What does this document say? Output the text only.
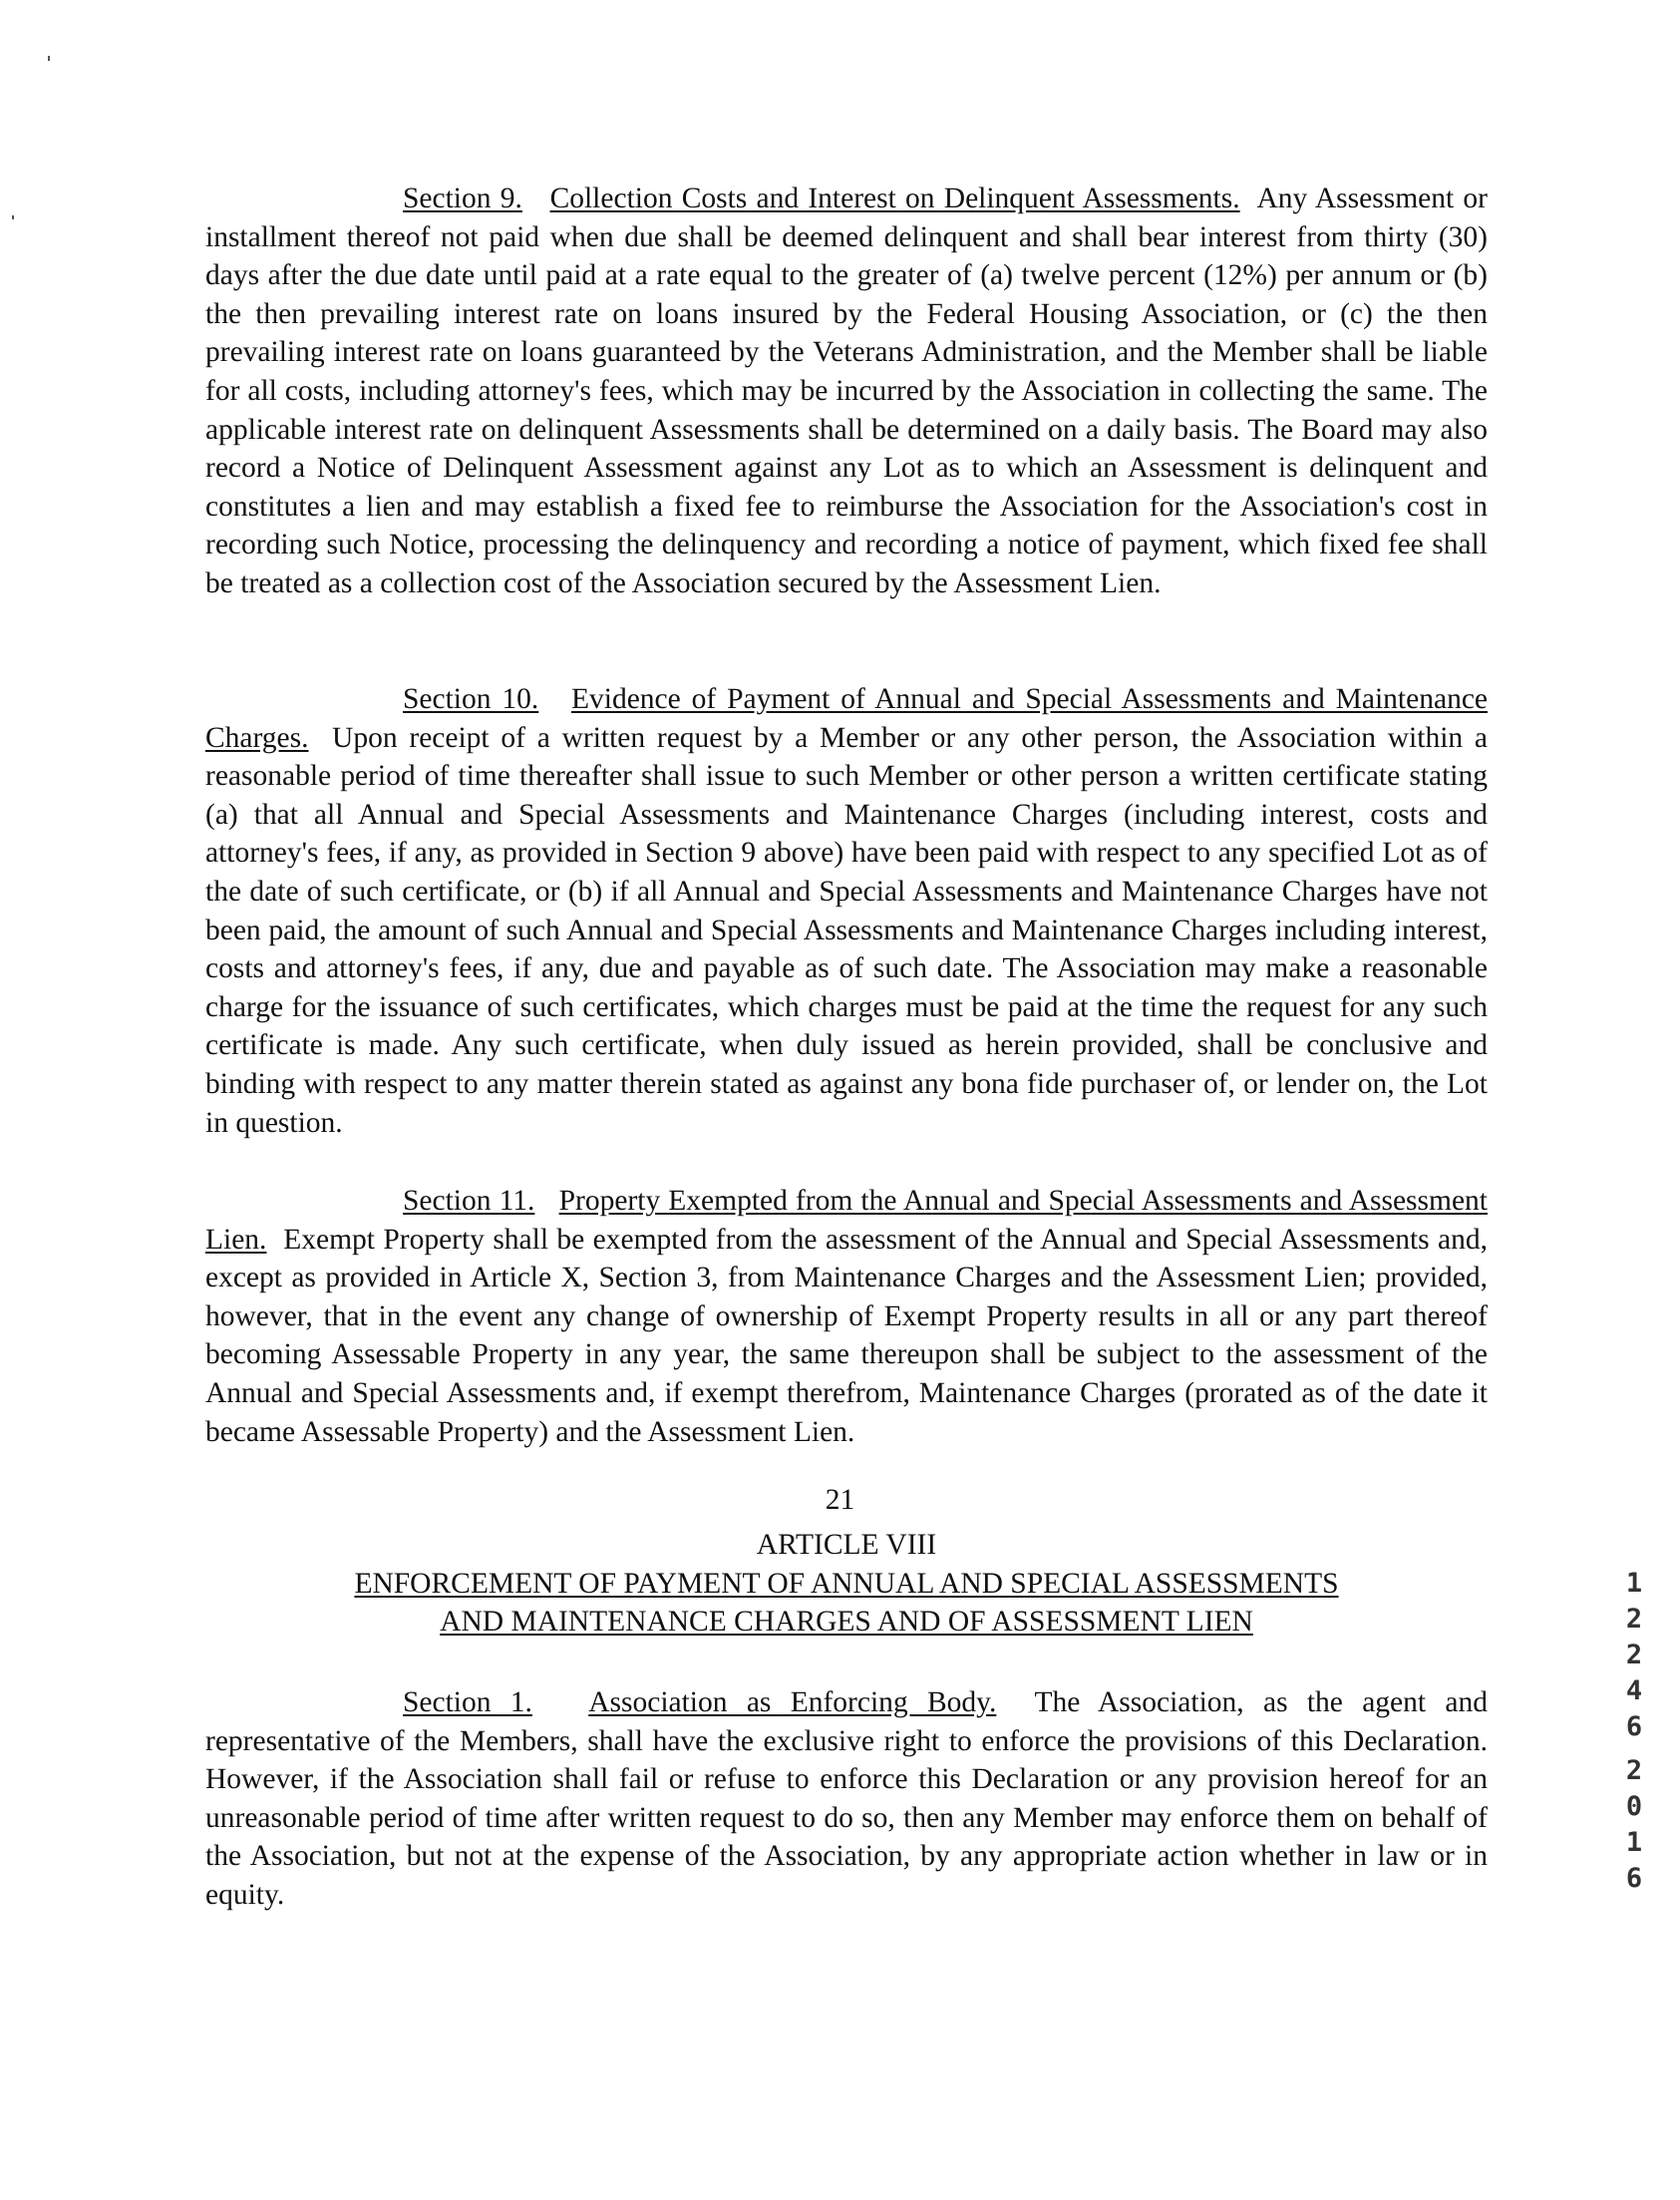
Section 9. Collection Costs and Interest on Delinquent Assessments. Any Assessment or installment thereof not paid when due shall be deemed delinquent and shall bear interest from thirty (30) days after the due date until paid at a rate equal to the greater of (a) twelve percent (12%) per annum or (b) the then prevailing interest rate on loans insured by the Federal Housing Association, or (c) the then prevailing interest rate on loans guaranteed by the Veterans Administration, and the Member shall be liable for all costs, including attorney's fees, which may be incurred by the Association in collecting the same. The applicable interest rate on delinquent Assessments shall be determined on a daily basis. The Board may also record a Notice of Delinquent Assessment against any Lot as to which an Assessment is delinquent and constitutes a lien and may establish a fixed fee to reimburse the Association for the Association's cost in recording such Notice, processing the delinquency and recording a notice of payment, which fixed fee shall be treated as a collection cost of the Association secured by the Assessment Lien.

Section 10. Evidence of Payment of Annual and Special Assessments and Maintenance Charges. Upon receipt of a written request by a Member or any other person, the Association within a reasonable period of time thereafter shall issue to such Member or other person a written certificate stating (a) that all Annual and Special Assessments and Maintenance Charges (including interest, costs and attorney's fees, if any, as provided in Section 9 above) have been paid with respect to any specified Lot as of the date of such certificate, or (b) if all Annual and Special Assessments and Maintenance Charges have not been paid, the amount of such Annual and Special Assessments and Maintenance Charges including interest, costs and attorney's fees, if any, due and payable as of such date. The Association may make a reasonable charge for the issuance of such certificates, which charges must be paid at the time the request for any such certificate is made. Any such certificate, when duly issued as herein provided, shall be conclusive and binding with respect to any matter therein stated as against any bona fide purchaser of, or lender on, the Lot in question.

Section 11. Property Exempted from the Annual and Special Assessments and Assessment Lien. Exempt Property shall be exempted from the assessment of the Annual and Special Assessments and, except as provided in Article X, Section 3, from Maintenance Charges and the Assessment Lien; provided, however, that in the event any change of ownership of Exempt Property results in all or any part thereof becoming Assessable Property in any year, the same thereupon shall be subject to the assessment of the Annual and Special Assessments and, if exempt therefrom, Maintenance Charges (prorated as of the date it became Assessable Property) and the Assessment Lien.

ARTICLE VIII
ENFORCEMENT OF PAYMENT OF ANNUAL AND SPECIAL ASSESSMENTS
AND MAINTENANCE CHARGES AND OF ASSESSMENT LIEN

Section 1. Association as Enforcing Body. The Association, as the agent and representative of the Members, shall have the exclusive right to enforce the provisions of this Declaration. However, if the Association shall fail or refuse to enforce this Declaration or any provision hereof for an unreasonable period of time after written request to do so, then any Member may enforce them on behalf of the Association, but not at the expense of the Association, by any appropriate action whether in law or in equity.

21
1
2
2
4
6
2
0
1
6
